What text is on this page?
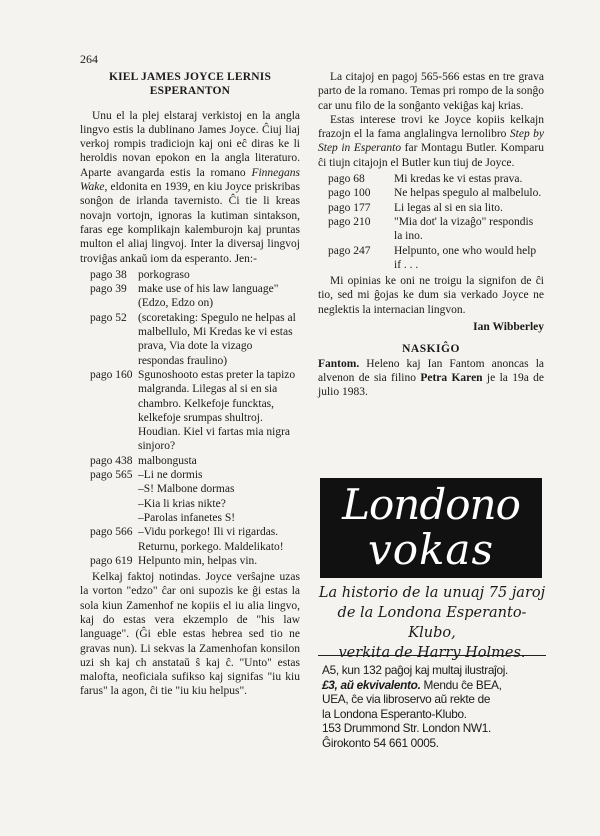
264
KIEL JAMES JOYCE LERNIS ESPERANTON

Unu el la plej elstaraj verkistoj en la angla lingvo estis la dublinano James Joyce. Ĉiuj liaj verkoj rompis tradiciojn kaj oni eĉ diras ke li heroldis novan epokon en la angla literaturo. Aparte avangarda estis la romano Finnegans Wake, eldonita en 1939, en kiu Joyce priskribas sonĝon de irlanda tavernisto. Ĉi tie li kreas novajn vortojn, ignoras la kutiman sintakson, faras ege komplikajn kalemburojn kaj pruntas multon el aliaj lingvoj. Inter la diversaj lingvoj troviĝas ankaŭ iom da esperanto. Jen:-

pago 38 porkograso
pago 39 make use of his law language" (Edzo, Edzo on)
pago 52 (scoretaking: Spegulo ne helpas al malbellulo, Mi Kredas ke vi estas prava, Via dote la vizago respondas fraulino)
pago 160 Sgunoshooto estas preter la tapizo malgranda. Lilegas al si en sia chambro. Kelkefoje funcktas, kelkefoje srumpas shultroj. Houdian. Kiel vi fartas mia nigra sinjoro?
pago 438 malbongusta
pago 565 –Li ne dormis
–S! Malbone dormas
–Kia li krias nikte?
–Parolas infanetes S!
pago 566 –Vidu porkego! Ili vi rigardas. Returnu, porkego. Maldelikato!
pago 619 Helpunto min, helpas vin.

Kelkaj faktoj notindas. Joyce verŝajne uzas la vorton "edzo" ĉar oni supozis ke ĝi estas la sola kiun Zamenhof ne kopiis el iu alia lingvo, kaj do estas vera ekzemplo de "his law language". (Ĝi eble estas hebrea sed tio ne gravas nun). Li sekvas la Zamenhofan konsilon uzi sh kaj ch anstataŭ ŝ kaj ĉ. "Unto" estas malofta, neoficiala sufikso kaj signifas "iu kiu farus" la agon, ĉi tie "iu kiu helpus".

La citajoj en pagoj 565-566 estas en tre grava parto de la romano. Temas pri rompo de la sonĝo car unu filo de la sonĝanto vekiĝas kaj krias.

Estas interese trovi ke Joyce kopiis kelkajn frazojn el la fama anglalingva lernolibro Step by Step in Esperanto far Montagu Butler. Komparu ĉi tiujn citajojn el Butler kun tiuj de Joyce.

pago 68	Mi kredas ke vi estas prava.
pago 100	Ne helpas spegulo al malbelulo.
pago 177	Li legas al si en sia lito.
pago 210	"Mia dot' la vizaĝo" respondis la ino.
pago 247	Helpunto, one who would help if . . .

Mi opinias ke oni ne troigu la signifon de ĉi tio, sed mi ĝojas ke dum sia verkado Joyce ne neglektis la internacian lingvon.

Ian Wibberley
NASKIĜO

Fantom. Heleno kaj Ian Fantom anoncas la alvenon de sia filino Petra Karen je la 19a de julio 1983.

Londono
vokas
La historio de la unuaj 75 jaroj
de la Londona Esperanto-Klubo,
verkita de Harry Holmes.
A5, kun 132 paĝoj kaj multaj ilustraĵoj.
£3, aŭ ekvivalento. Mendu ĉe BEA,
UEA, ĉe via libroservo aŭ rekte de
la Londona Esperanto-Klubo.
153 Drummond Str. London NW1.
Ĝirokonto 54 661 0005.
